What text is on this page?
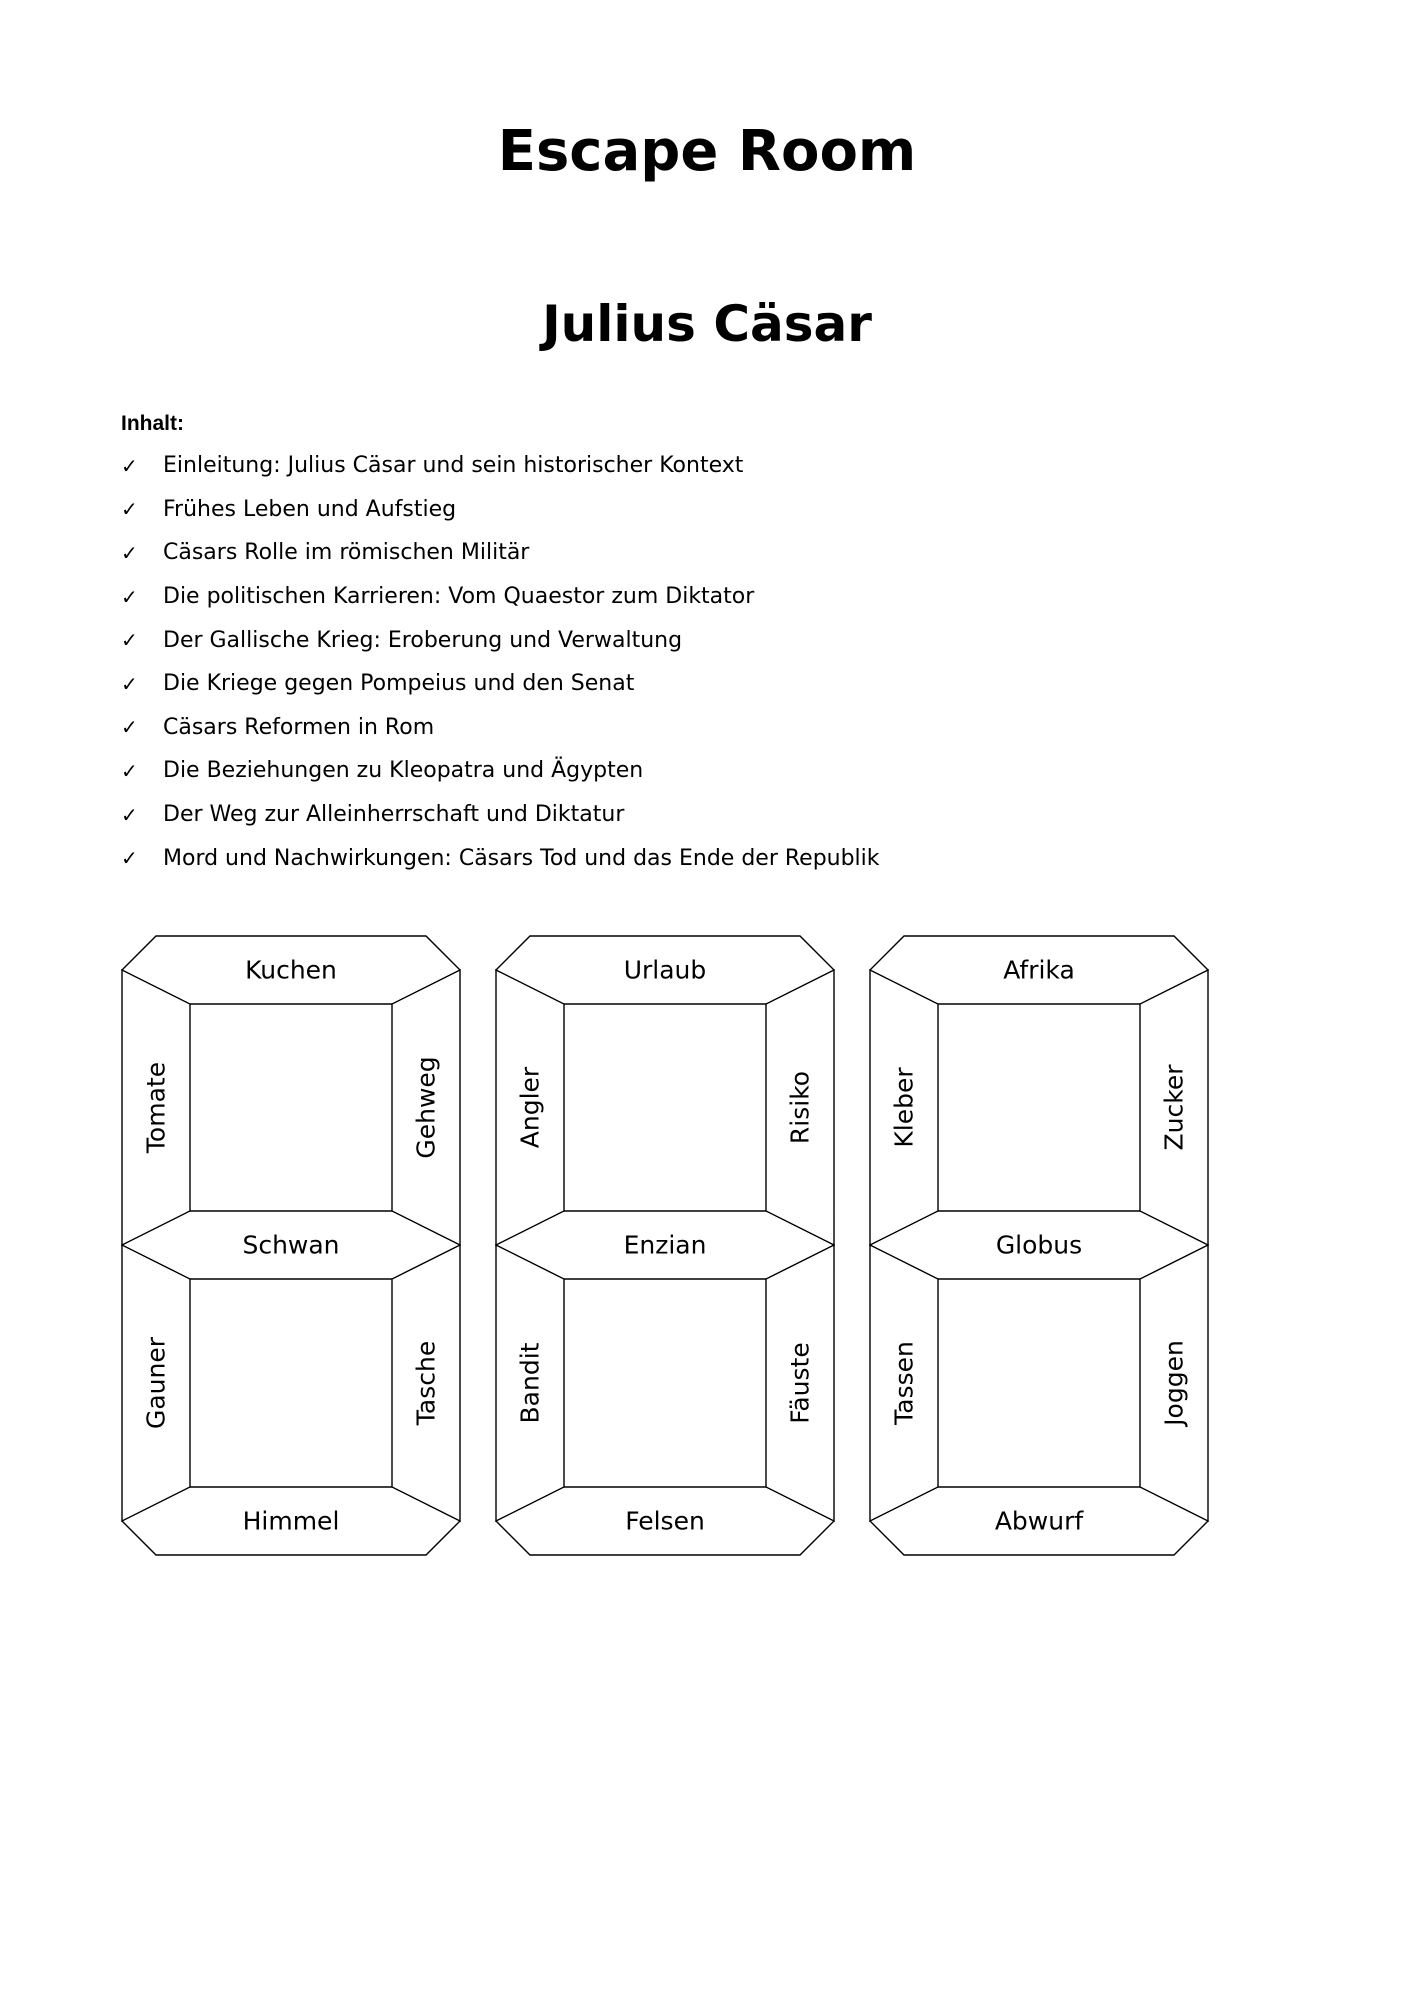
Escape Room
Julius Cäsar

Inhalt:

✓	Einleitung: Julius Cäsar und sein historischer Kontext
✓	Frühes Leben und Aufstieg
✓	Cäsars Rolle im römischen Militär
✓	Die politischen Karrieren: Vom Quaestor zum Diktator
✓	Der Gallische Krieg: Eroberung und Verwaltung
✓	Die Kriege gegen Pompeius und den Senat
✓	Cäsars Reformen in Rom
✓	Die Beziehungen zu Kleopatra und Ägypten
✓	Der Weg zur Alleinherrschaft und Diktatur
✓	Mord und Nachwirkungen: Cäsars Tod und das Ende der Republik
Kuchen
Schwan
Himmel
Tomate	Gehweg
Gauner	Tasche
Urlaub
Enzian
Felsen
Angler	Risiko
Bandit	Fäuste
Afrika
Globus
Abwurf
Kleber	Zucker
Tassen	Joggen
